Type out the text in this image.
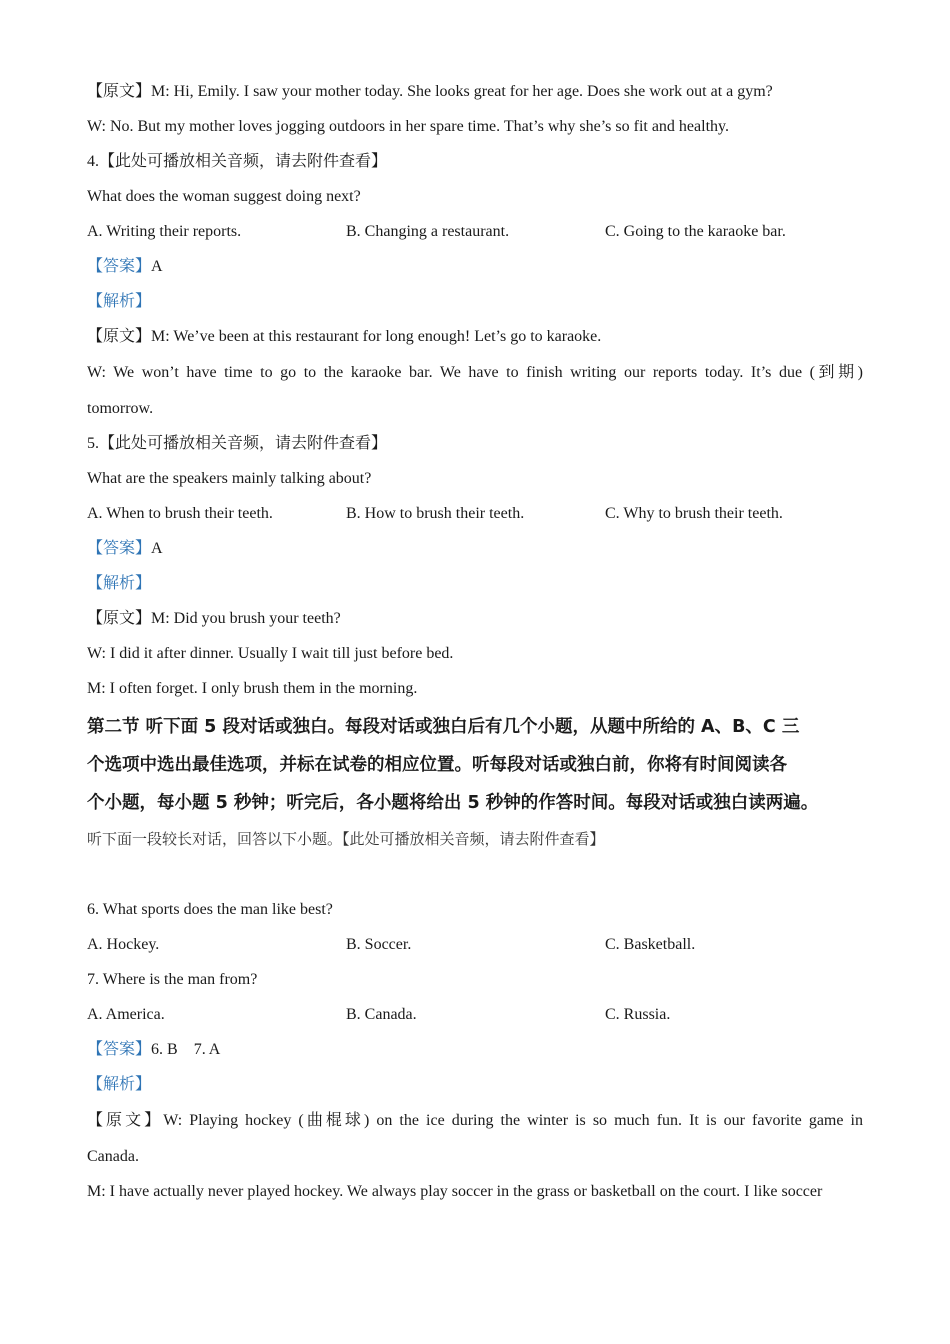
【原文】M: Hi, Emily. I saw your mother today. She looks great for her age. Does she work out at a gym?
W: No. But my mother loves jogging outdoors in her spare time. That’s why she’s so fit and healthy.
4.【此处可播放相关音频，请去附件查看】
What does the woman suggest doing next?
A. Writing their reports.	B. Changing a restaurant.	C. Going to the karaoke bar.
【答案】A
【解析】
【原文】M: We’ve been at this restaurant for long enough! Let’s go to karaoke.
W: We won’t have time to go to the karaoke bar. We have to finish writing our reports today. It’s due (到期)
tomorrow.
5.【此处可播放相关音频，请去附件查看】
What are the speakers mainly talking about?
A. When to brush their teeth.	B. How to brush their teeth.	C. Why to brush their teeth.
【答案】A
【解析】
【原文】M: Did you brush your teeth?
W: I did it after dinner. Usually I wait till just before bed.
M: I often forget. I only brush them in the morning.
第二节 听下面 5 段对话或独白。每段对话或独白后有几个小题，从题中所给的 A、B、C 三
个选项中选出最佳选项，并标在试卷的相应位置。听每段对话或独白前，你将有时间阅读各
个小题，每小题 5 秒钟；听完后，各小题将给出 5 秒钟的作答时间。每段对话或独白读两遍。
听下面一段较长对话，回答以下小题。【此处可播放相关音频，请去附件查看】
6. What sports does the man like best?
A. Hockey.	B. Soccer.	C. Basketball.
7. Where is the man from?
A. America.	B. Canada.	C. Russia.
【答案】6. B    7. A
【解析】
【原文】W: Playing hockey (曲棍球) on the ice during the winter is so much fun. It is our favorite game in
Canada.
M: I have actually never played hockey. We always play soccer in the grass or basketball on the court. I like soccer
